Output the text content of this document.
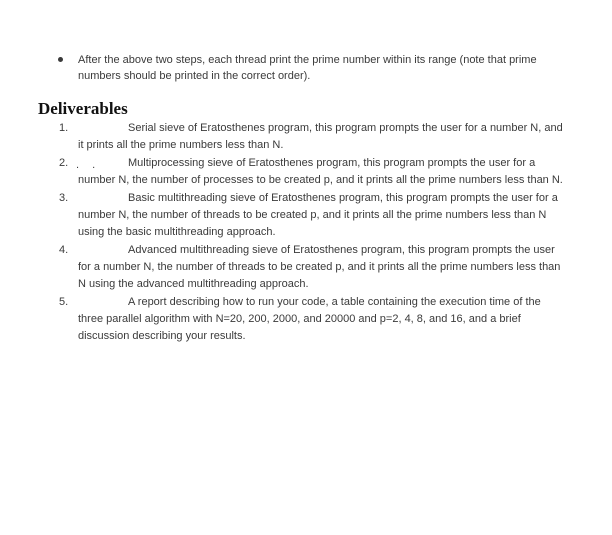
After the above two steps, each thread print the prime number within its range (note that prime numbers should be printed in the correct order).
Deliverables
1.	Serial sieve of Eratosthenes program, this program prompts the user for a number N, and it prints all the prime numbers less than N.
2. . .	Multiprocessing sieve of Eratosthenes program, this program prompts the user for a number N, the number of processes to be created p, and it prints all the prime numbers less than N.
3.	Basic multithreading sieve of Eratosthenes program, this program prompts the user for a number N, the number of threads to be created p, and it prints all the prime numbers less than N using the basic multithreading approach.
4.	Advanced multithreading sieve of Eratosthenes program, this program prompts the user for a number N, the number of threads to be created p, and it prints all the prime numbers less than N using the advanced multithreading approach.
5.	A report describing how to run your code, a table containing the execution time of the three parallel algorithm with N=20, 200, 2000, and 20000 and p=2, 4, 8, and 16, and a brief discussion describing your results.
